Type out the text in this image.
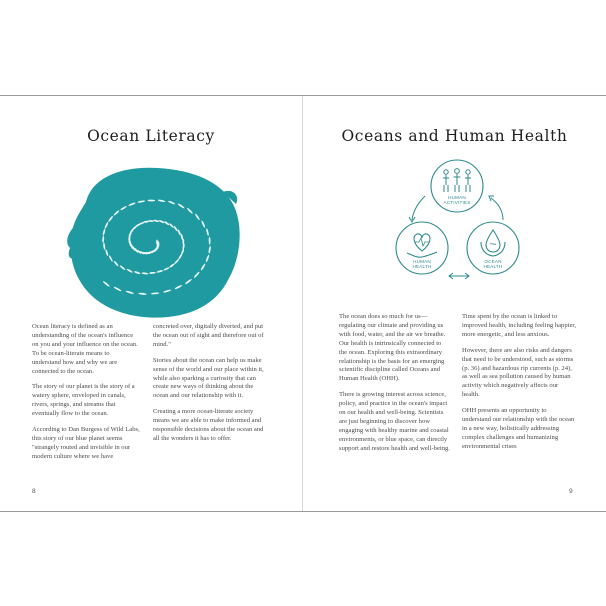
Ocean Literacy

Ocean literacy is defined as an understanding of the ocean's influence on you and your influence on the ocean. To be ocean-literate means to understand how and why we are connected to the ocean.

The story of our planet is the story of a watery sphere, enveloped in canals, rivers, springs, and streams that eventually flow to the ocean.

According to Dan Burgess of Wild Labs, this story of our blue planet seems "strangely routed and invisible in our modern culture where we have

concreted over, digitally diverted, and put the ocean out of sight and therefore out of mind."

Stories about the ocean can help us make sense of the world and our place within it, while also sparking a curiosity that can create new ways of thinking about the ocean and our relationship with it.

Creating a more ocean-literate society means we are able to make informed and responsible decisions about the ocean and all the wonders it has to offer.

8
Oceans and Human Health
HUMAN
ACTIVITIES
HUMAN
HEALTH
OCEAN
HEALTH

The ocean does so much for us—regulating our climate and providing us with food, water, and the air we breathe. Our health is intrinsically connected to the ocean. Exploring this extraordinary relationship is the basis for an emerging scientific discipline called Oceans and Human Health (OHH).

There is growing interest across science, policy, and practice in the ocean's impact on our health and well-being. Scientists are just beginning to discover how engaging with healthy marine and coastal environments, or blue space, can directly support and restore health and well-being.

Time spent by the ocean is linked to improved health, including feeling happier, more energetic, and less anxious.

However, there are also risks and dangers that need to be understood, such as storms (p. 36) and hazardous rip currents (p. 24), as well as sea pollution caused by human activity which negatively affects our health.

OHH presents an opportunity to understand our relationship with the ocean in a new way, holistically addressing complex challenges and humanizing environmental crises

9
